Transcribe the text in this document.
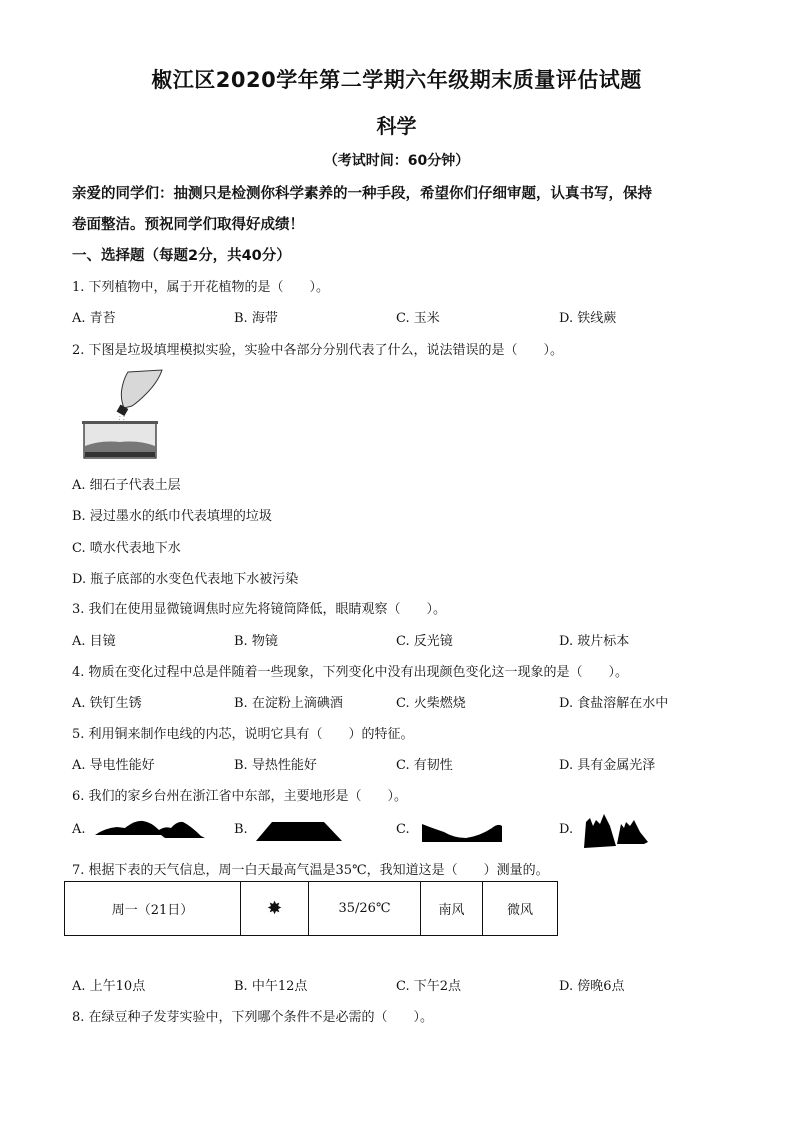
椒江区2020学年第二学期六年级期末质量评估试题
科学
（考试时间：60分钟）
亲爱的同学们：抽测只是检测你科学素养的一种手段，希望你们仔细审题，认真书写，保持
卷面整洁。预祝同学们取得好成绩！
一、选择题（每题2分，共40分）
1. 下列植物中，属于开花植物的是（　　）。
A. 青苔	B. 海带	C. 玉米	D. 铁线蕨
2. 下图是垃圾填埋模拟实验，实验中各部分分别代表了什么，说法错误的是（　　）。
A. 细石子代表土层
B. 浸过墨水的纸巾代表填埋的垃圾
C. 喷水代表地下水
D. 瓶子底部的水变色代表地下水被污染
3. 我们在使用显微镜调焦时应先将镜筒降低，眼睛观察（　　）。
A. 目镜	B. 物镜	C. 反光镜	D. 玻片标本
4. 物质在变化过程中总是伴随着一些现象，下列变化中没有出现颜色变化这一现象的是（　　）。
A. 铁钉生锈	B. 在淀粉上滴碘酒	C. 火柴燃烧	D. 食盐溶解在水中
5. 利用铜来制作电线的内芯，说明它具有（　　）的特征。
A. 导电性能好	B. 导热性能好	C. 有韧性	D. 具有金属光泽
6. 我们的家乡台州在浙江省中东部，主要地形是（　　）。
A.	B.	C.	D.
7. 根据下表的天气信息，周一白天最高气温是35℃，我知道这是（　　）测量的。
周一（21日）	✸	35/26℃	南风	微风
A. 上午10点	B. 中午12点	C. 下午2点	D. 傍晚6点
8. 在绿豆种子发芽实验中，下列哪个条件不是必需的（　　）。
